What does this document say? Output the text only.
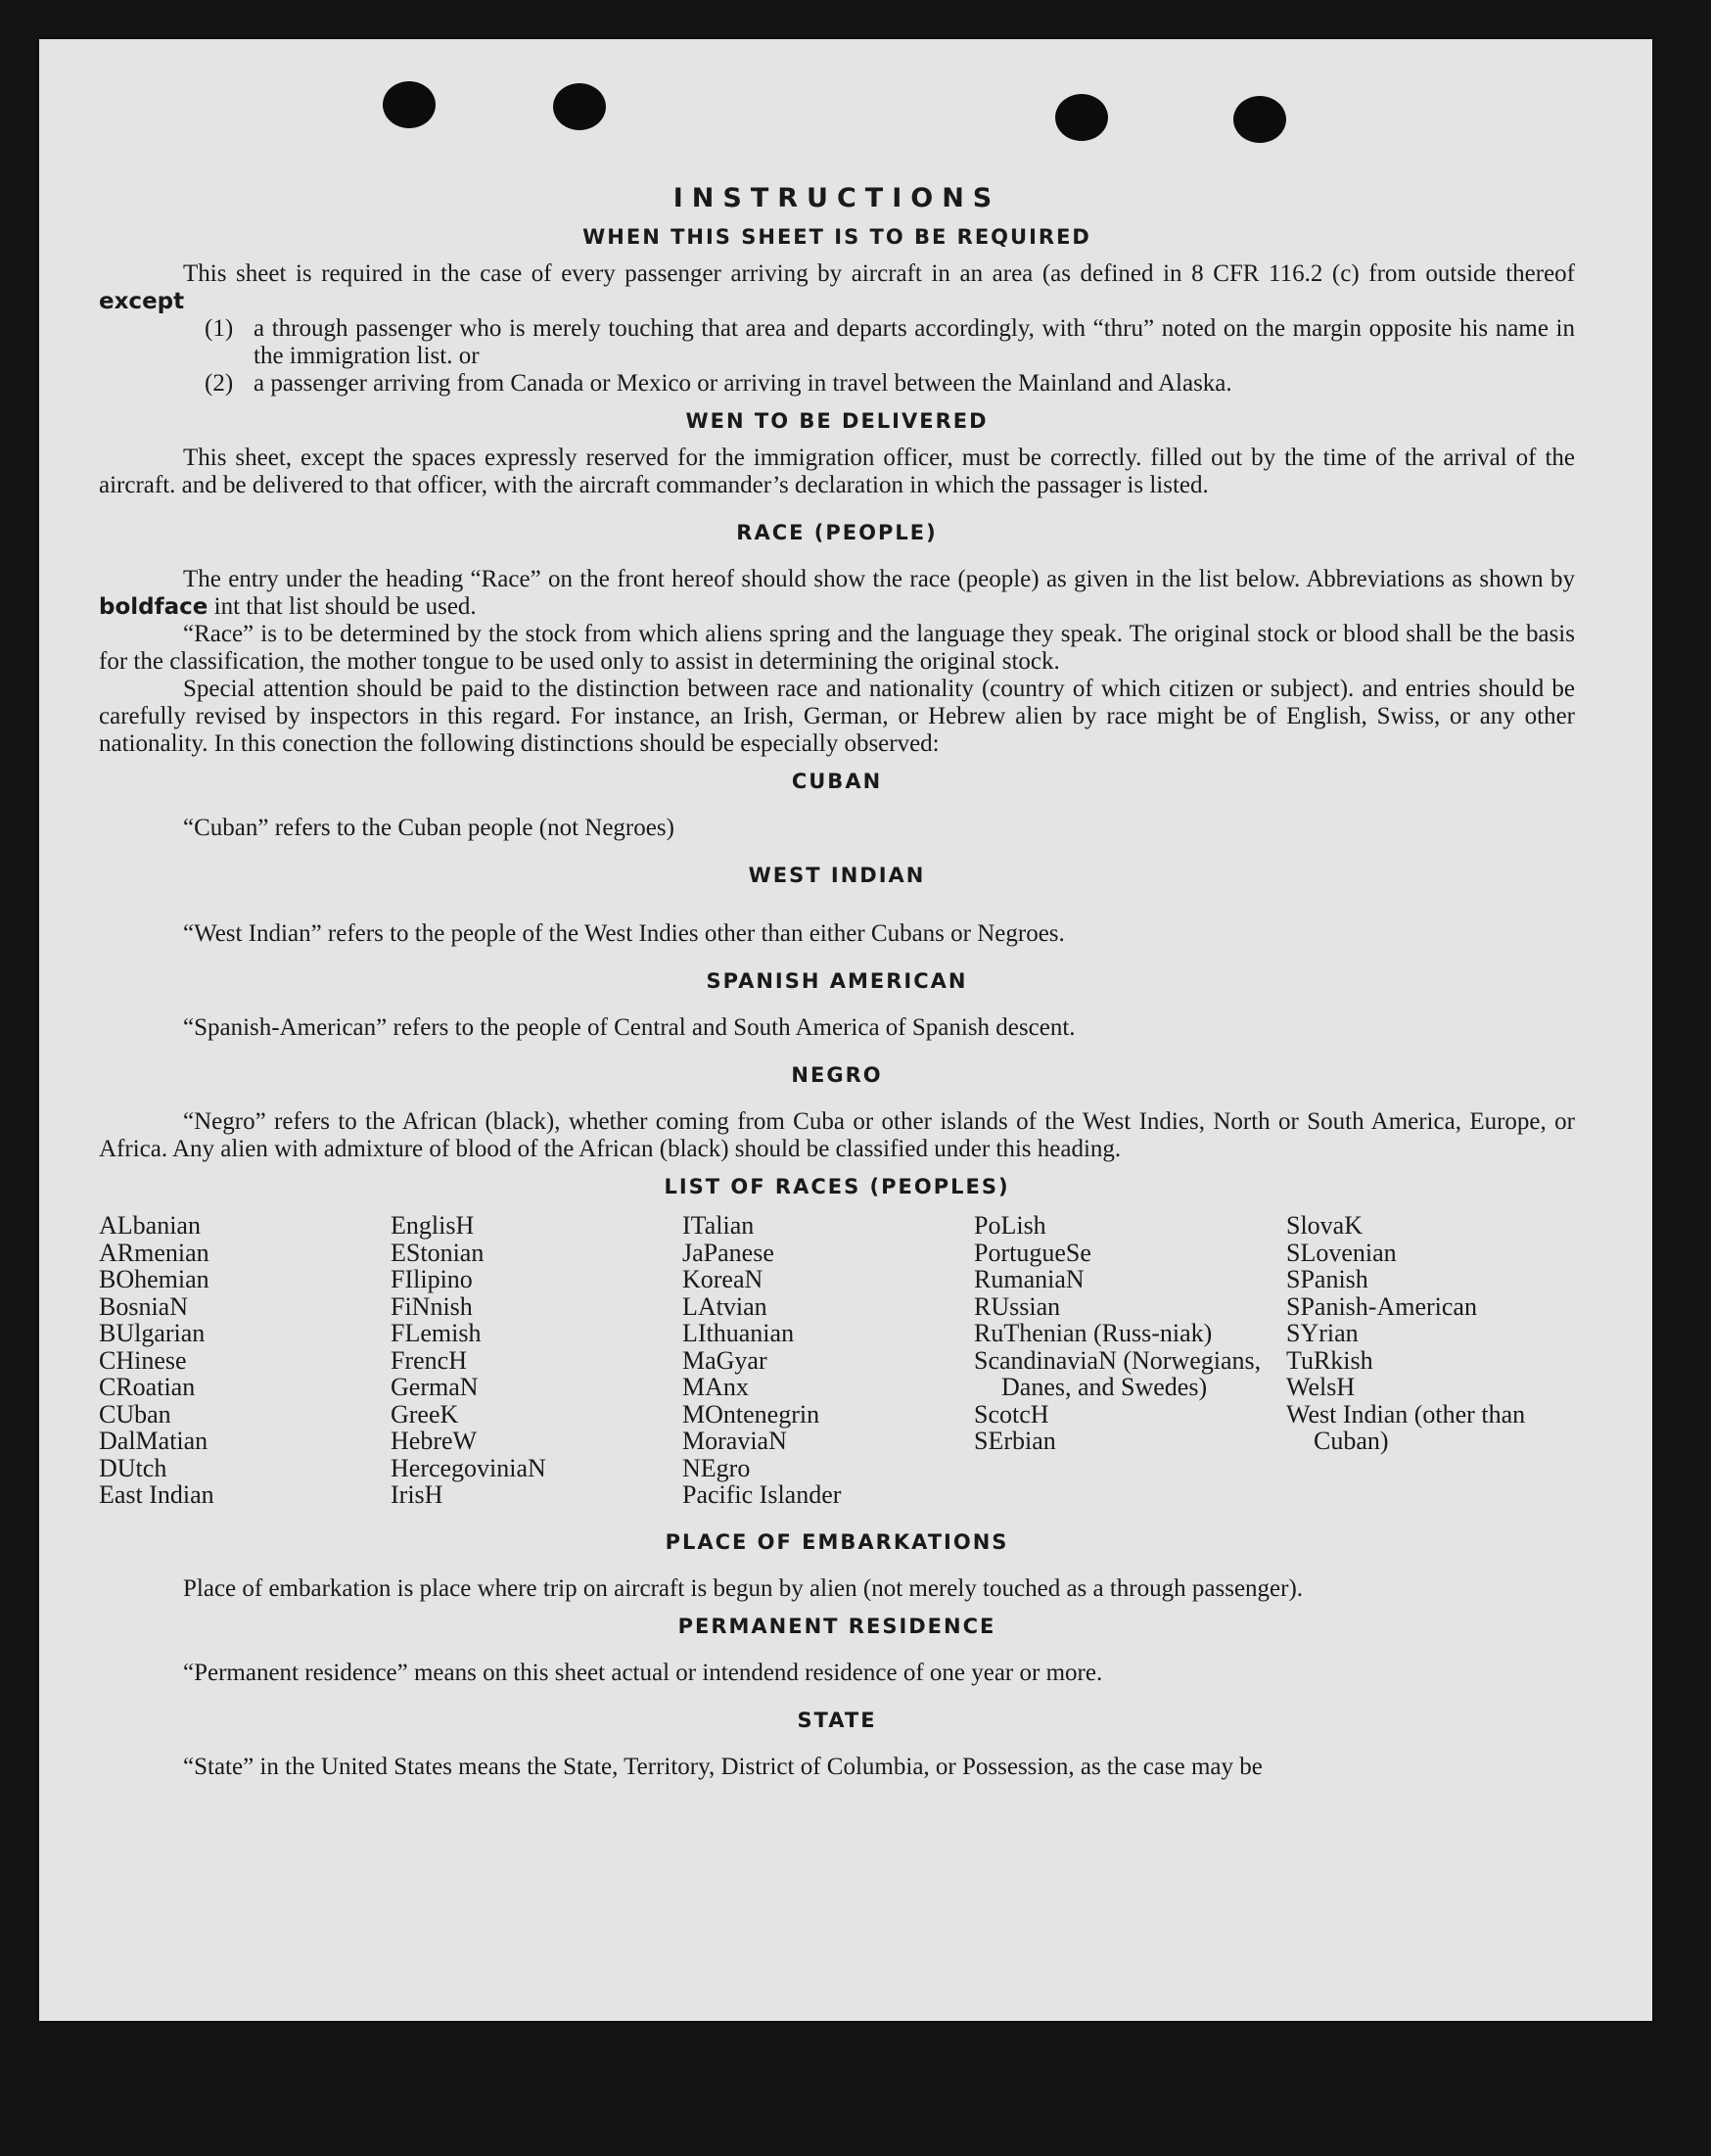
INSTRUCTIONS
WHEN THIS SHEET IS TO BE REQUIRED

This sheet is required in the case of every passenger arriving by aircraft in an area (as defined in 8 CFR 116.2 (c) from outside thereof except

(1) a through passenger who is merely touching that area and departs accordingly, with “thru” noted on the margin opposite his name in the immigration list. or
(2) a passenger arriving from Canada or Mexico or arriving in travel between the Mainland and Alaska.
WEN TO BE DELIVERED

This sheet, except the spaces expressly reserved for the immigration officer, must be correctly. filled out by the time of the arrival of the aircraft. and be delivered to that officer, with the aircraft commander’s declaration in which the passager is listed.

RACE (PEOPLE)

The entry under the heading “Race” on the front hereof should show the race (people) as given in the list below. Abbreviations as shown by boldface int that list should be used.

“Race” is to be determined by the stock from which aliens spring and the language they speak. The original stock or blood shall be the basis for the classification, the mother tongue to be used only to assist in determining the original stock.

Special attention should be paid to the distinction between race and nationality (country of which citizen or subject). and entries should be carefully revised by inspectors in this regard. For instance, an Irish, German, or Hebrew alien by race might be of English, Swiss, or any other nationality. In this conection the following distinctions should be especially observed:

CUBAN

“Cuban” refers to the Cuban people (not Negroes)

WEST INDIAN

“West Indian” refers to the people of the West Indies other than either Cubans or Negroes.

SPANISH AMERICAN

“Spanish-American” refers to the people of Central and South America of Spanish descent.

NEGRO

“Negro” refers to the African (black), whether coming from Cuba or other islands of the West Indies, North or South America, Europe, or Africa. Any alien with admixture of blood of the African (black) should be classified under this heading.

LIST OF RACES (PEOPLES)
ALbanian
ARmenian
BOhemian
BosniaN
BUlgarian
CHinese
CRoatian
CUban
DalMatian
DUtch
East Indian
EnglisH
EStonian
FIlipino
FiNnish
FLemish
FrencH
GermaN
GreeK
HebreW
HercegoviniaN
IrisH
ITalian
JaPanese
KoreaN
LAtvian
LIthuanian
MaGyar
MAnx
MOntenegrin
MoraviaN
NEgro
Pacific Islander
PoLish
PortugueSe
RumaniaN
RUssian
RuThenian (Russ-niak)
ScandinaviaN (Norwegians, Danes, and Swedes)
ScotcH
SErbian
SlovaK
SLovenian
SPanish
SPanish-American
SYrian
TuRkish
WelsH
West Indian (other than Cuban)
PLACE OF EMBARKATIONS

Place of embarkation is place where trip on aircraft is begun by alien (not merely touched as a through passenger).

PERMANENT RESIDENCE

“Permanent residence” means on this sheet actual or intendend residence of one year or more.

STATE

“State” in the United States means the State, Territory, District of Columbia, or Possession, as the case may be
